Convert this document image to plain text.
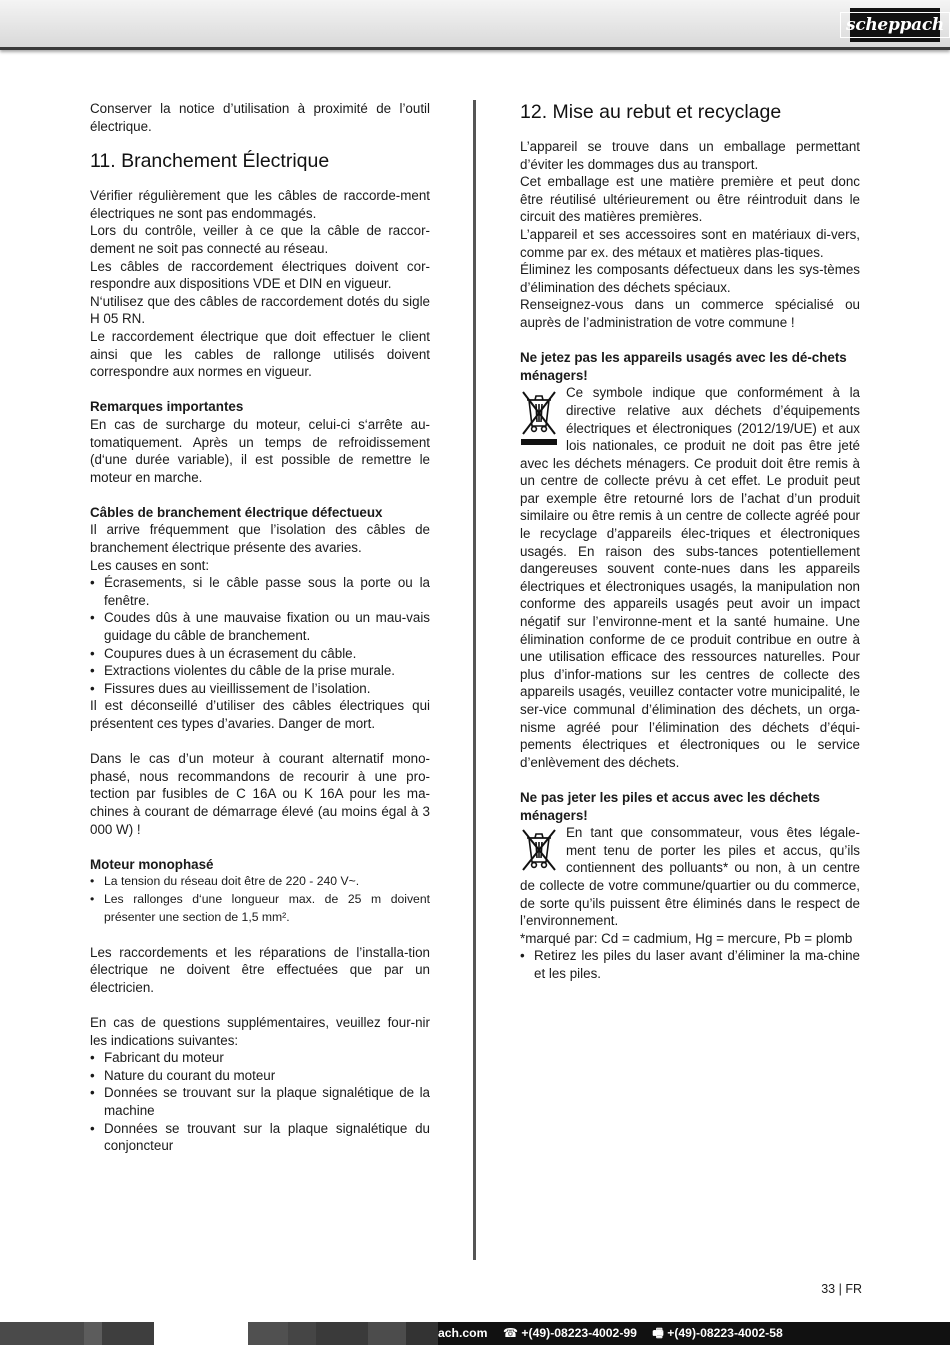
scheppach

Conserver la notice d’utilisation à proximité de l’outil électrique.

11. Branchement Électrique

Vérifier régulièrement que les câbles de raccorde-ment électriques ne sont pas endommagés.

Lors du contrôle, veiller à ce que la câble de raccor-dement ne soit pas connecté au réseau.

Les câbles de raccordement électriques doivent cor-respondre aux dispositions VDE et DIN en vigueur.

N‘utilisez que des câbles de raccordement dotés du sigle H 05 RN.

Le raccordement électrique que doit effectuer le client ainsi que les cables de rallonge utilisés doivent correspondre aux normes en vigueur.

Remarques importantes

En cas de surcharge du moteur, celui-ci s‘arrête au-tomatiquement. Après un temps de refroidissement (d‘une durée variable), il est possible de remettre le moteur en marche.

Câbles de branchement électrique défectueux

Il arrive fréquemment que l’isolation des câbles de branchement électrique présente des avaries.

Les causes en sont:

• Écrasements, si le câble passe sous la porte ou la fenêtre.
• Coudes dûs à une mauvaise fixation ou un mau-vais guidage du câble de branchement.
• Coupures dues à un écrasement du câble.
• Extractions violentes du câble de la prise murale.
• Fissures dues au vieillissement de l’isolation.

Il est déconseillé d’utiliser des câbles électriques qui présentent ces types d’avaries. Danger de mort.

Dans le cas d’un moteur à courant alternatif mono-phasé, nous recommandons de recourir à une pro-tection par fusibles de C 16A ou K 16A pour les ma-chines à courant de démarrage élevé (au moins égal à 3 000 W) !

Moteur monophasé
• La tension du réseau doit être de 220 - 240 V~.
• Les rallonges d‘une longueur max. de 25 m doivent présenter une section de 1,5 mm².

Les raccordements et les réparations de l’installa-tion électrique ne doivent être effectuées que par un électricien.

En cas de questions supplémentaires, veuillez four-nir les indications suivantes:

• Fabricant du moteur
• Nature du courant du moteur
• Données se trouvant sur la plaque signalétique de la machine
• Données se trouvant sur la plaque signalétique du conjoncteur
12. Mise au rebut et recyclage

L’appareil se trouve dans un emballage permettant d’éviter les dommages dus au transport.

Cet emballage est une matière première et peut donc être réutilisé ultérieurement ou être réintroduit dans le circuit des matières premières.

L’appareil et ses accessoires sont en matériaux di-vers, comme par ex. des métaux et matières plas-tiques.

Éliminez les composants défectueux dans les sys-tèmes d’élimination des déchets spéciaux.

Renseignez-vous dans un commerce spécialisé ou auprès de l’administration de votre commune !

Ne jetez pas les appareils usagés avec les dé-chets ménagers!

Ce symbole indique que conformément à la directive relative aux déchets d’équipements électriques et électroniques (2012/19/UE) et aux lois nationales, ce produit ne doit pas être jeté avec les déchets ménagers. Ce produit doit être remis à un centre de collecte prévu à cet effet. Le produit peut par exemple être retourné lors de l’achat d’un produit similaire ou être remis à un centre de collecte agréé pour le recyclage d’appareils élec-triques et électroniques usagés. En raison des subs-tances potentiellement dangereuses souvent conte-nues dans les appareils électriques et électroniques usagés, la manipulation non conforme des appareils usagés peut avoir un impact négatif sur l’environne-ment et la santé humaine. Une élimination conforme de ce produit contribue en outre à une utilisation efficace des ressources naturelles. Pour plus d’infor-mations sur les centres de collecte des appareils usagés, veuillez contacter votre municipalité, le ser-vice communal d’élimination des déchets, un orga-nisme agréé pour l’élimination des déchets d’équi-pements électriques et électroniques ou le service d’enlèvement des déchets.

Ne pas jeter les piles et accus avec les déchets ménagers!

En tant que consommateur, vous êtes légale-ment tenu de porter les piles et accus, qu’ils contiennent des polluants* ou non, à un centre de collecte de votre commune/quartier ou du commerce, de sorte qu’ils puissent être éliminés dans le respect de l’environnement.

*marqué par: Cd = cadmium, Hg = mercure, Pb = plomb

• Retirez les piles du laser avant d’éliminer la ma-chine et les piles.
33 | FR
ach.com ☎ +(49)-08223-4002-99 🖷 +(49)-08223-4002-58
